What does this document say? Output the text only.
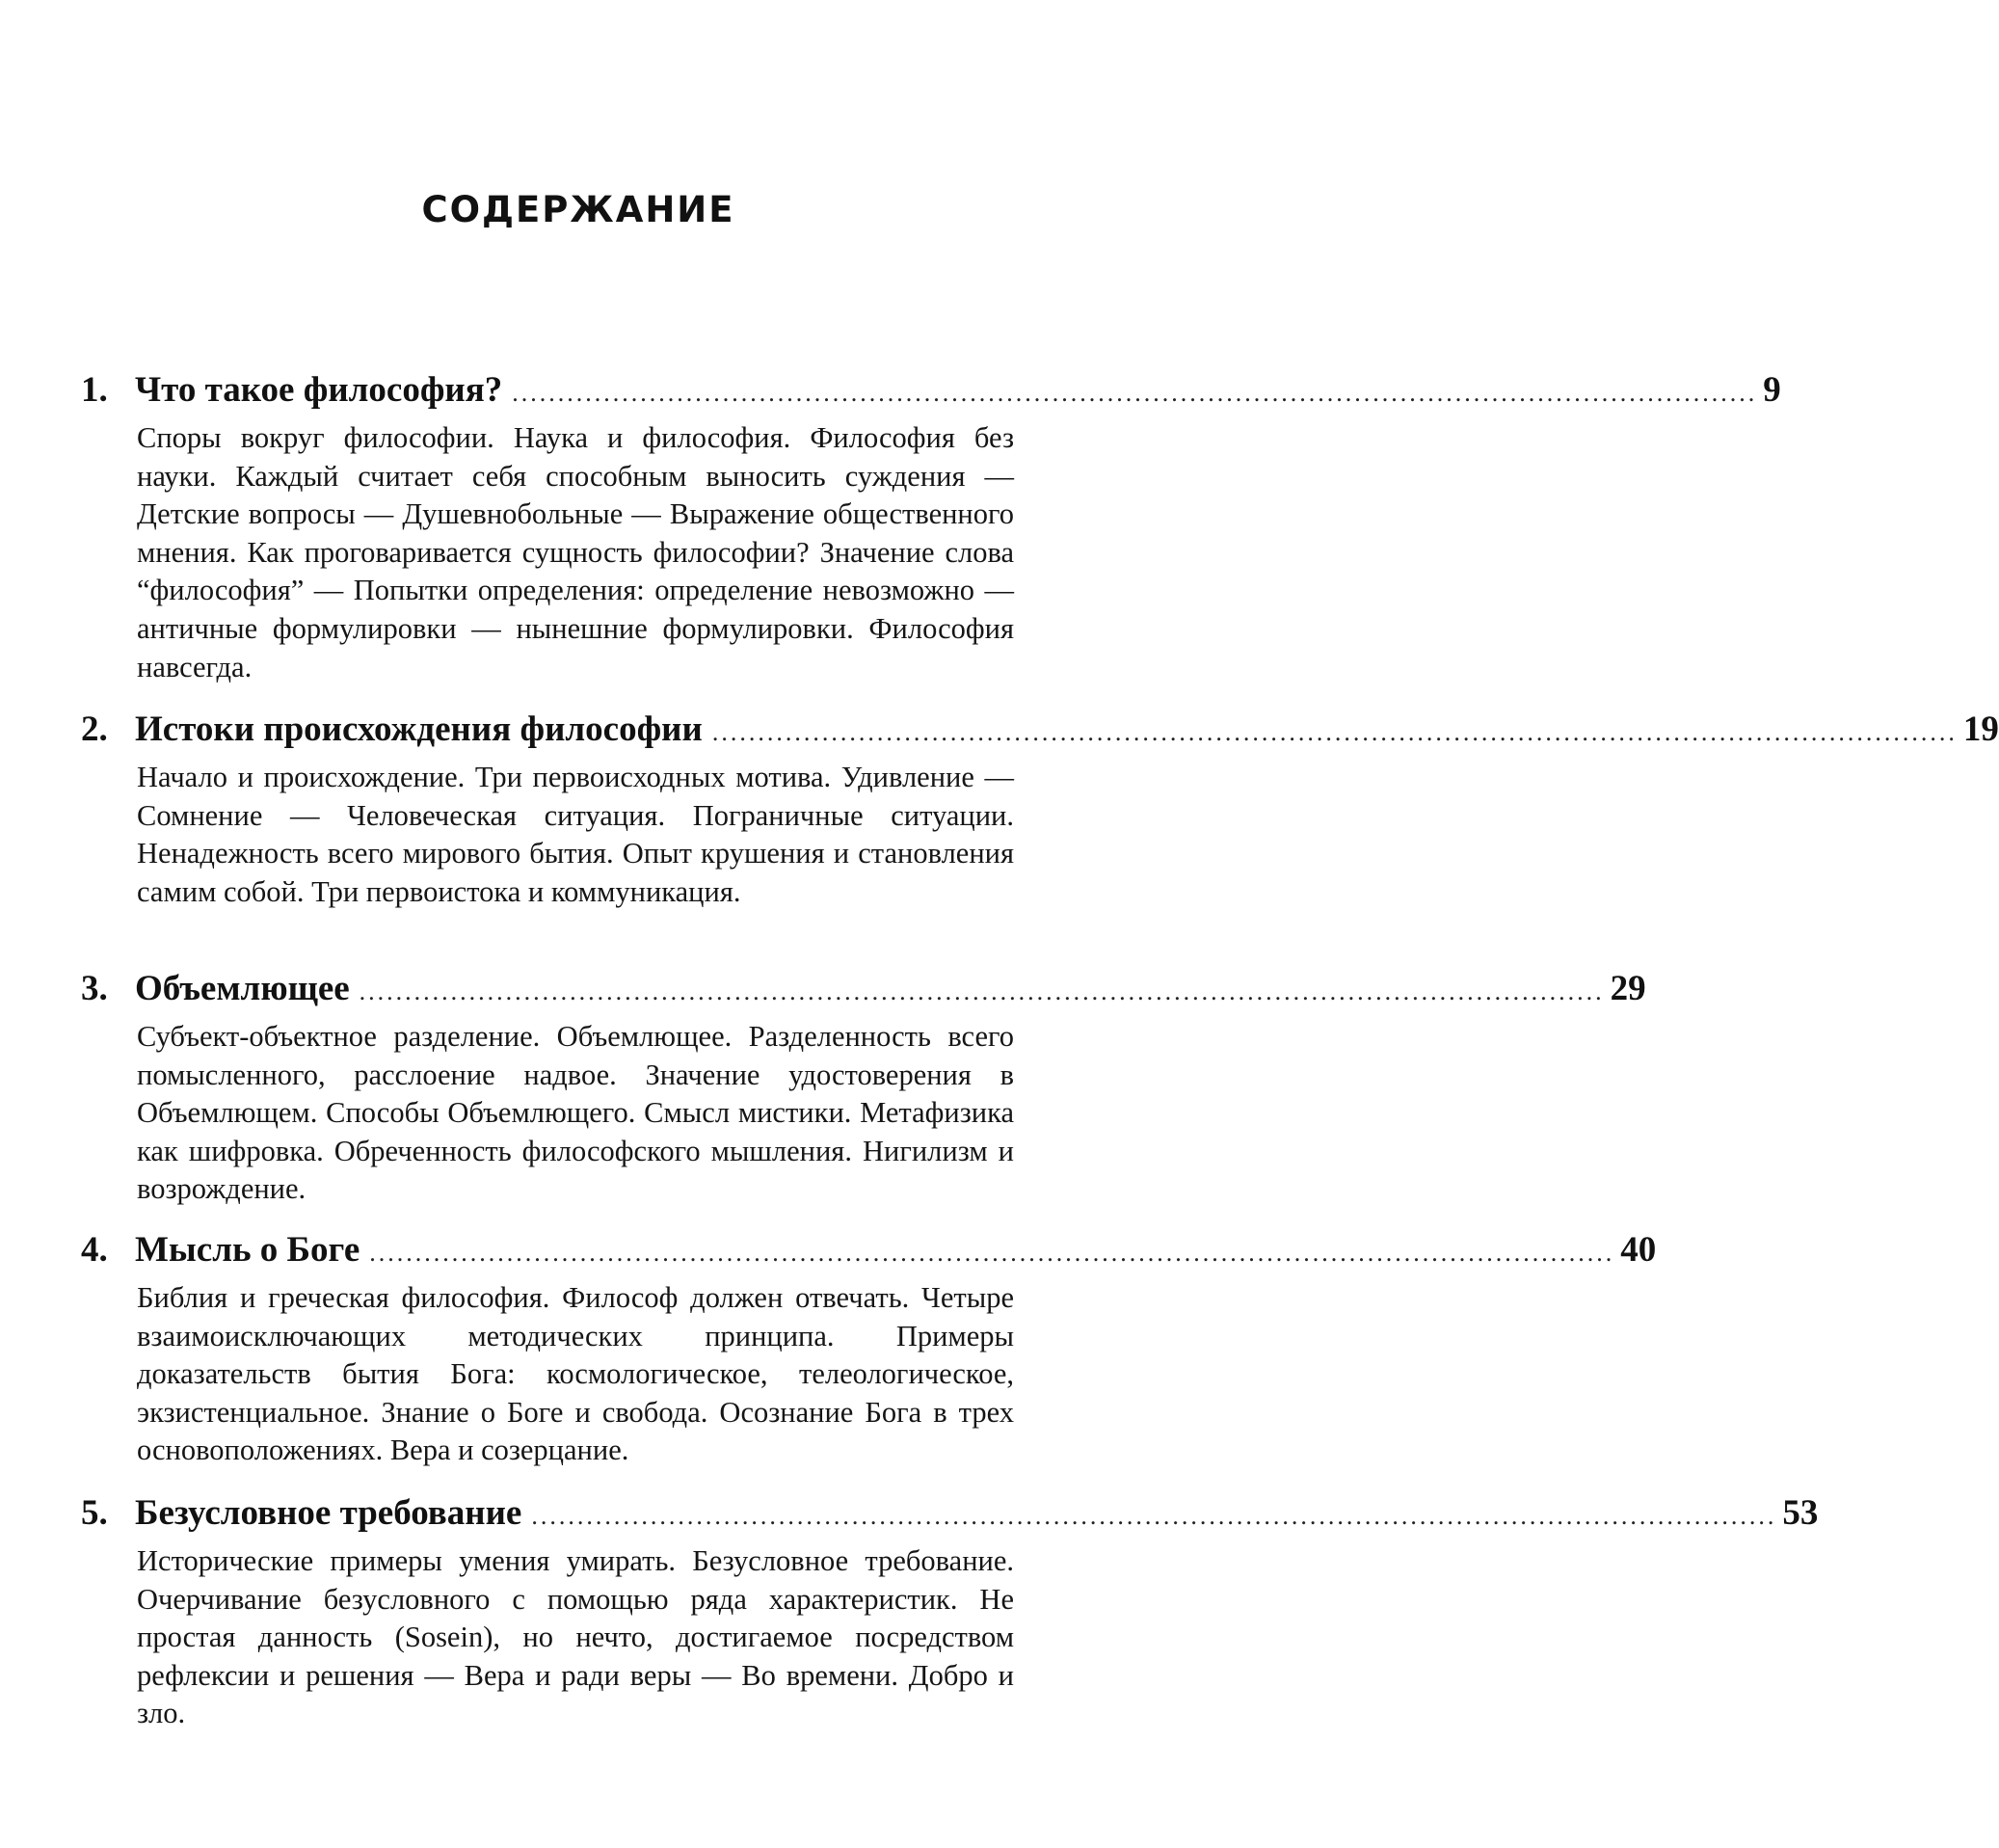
СОДЕРЖАНИЕ
1. Что такое философия? ........................................................................................................................................ 9
Споры вокруг философии. Наука и философия. Философия без науки. Каждый считает себя способным выносить суждения — Детские вопросы — Душевнобольные — Выражение общественного мнения. Как проговаривается сущность философии? Значение слова “философия” — Попытки определения: определение невозможно — античные формулировки — нынешние формулировки. Философия навсегда.
2. Истоки происхождения философии ........................................................................................................................................ 19
Начало и происхождение. Три первоисходных мотива. Удивление — Сомнение — Человеческая ситуация. Пограничные ситуации. Ненадежность всего мирового бытия. Опыт крушения и становления самим собой. Три первоистока и коммуникация.
3. Объемлющее ........................................................................................................................................ 29
Субъект-объектное разделение. Объемлющее. Разделенность всего помысленного, расслоение надвое. Значение удостоверения в Объемлющем. Способы Объемлющего. Смысл мистики. Метафизика как шифровка. Обреченность философского мышления. Нигилизм и возрождение.
4. Мысль о Боге ........................................................................................................................................ 40
Библия и греческая философия. Философ должен отвечать. Четыре взаимоисключающих методических принципа. Примеры доказательств бытия Бога: космологическое, телеологическое, экзистенциальное. Знание о Боге и свобода. Осознание Бога в трех основоположениях. Вера и созерцание.
5. Безусловное требование ........................................................................................................................................ 53
Исторические примеры умения умирать. Безусловное требование. Очерчивание безусловного с помощью ряда характеристик. Не простая данность (Sosein), но нечто, достигаемое посредством рефлексии и решения — Вера и ради веры — Во времени. Добро и зло.
